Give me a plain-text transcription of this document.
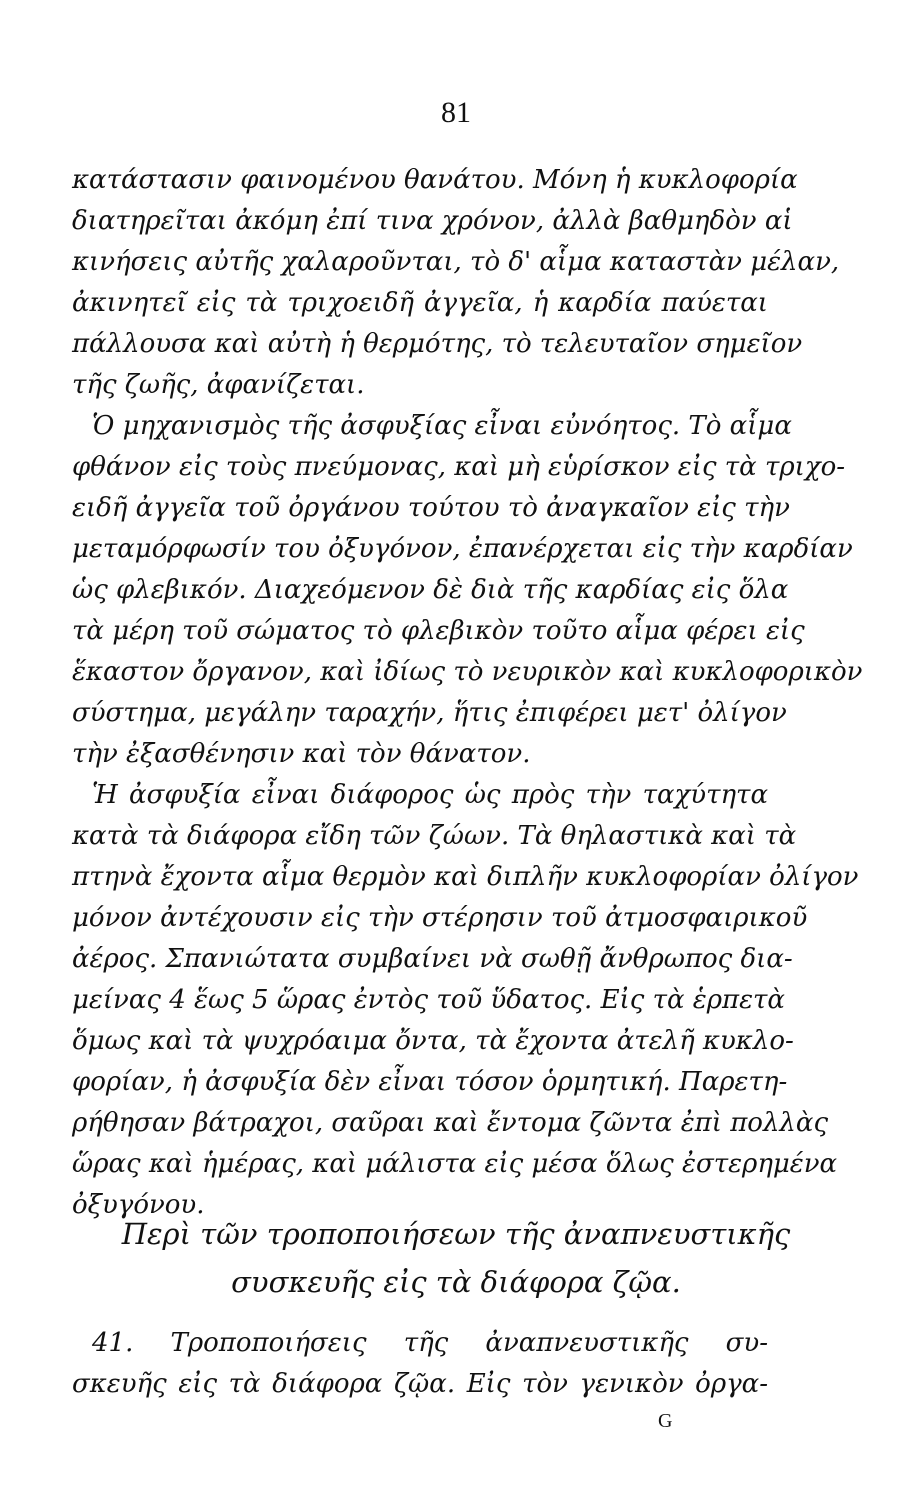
81
κατάστασιν φαινομένου θανάτου. Μόνη ἡ κυκλοφορία
διατηρεῖται ἀκόμη ἐπί τινα χρόνον, ἀλλὰ βαθμηδὸν αἱ
κινήσεις αὐτῆς χαλαροῦνται, τὸ δ' αἷμα καταστὰν μέλαν,
ἀκινητεῖ εἰς τὰ τριχοειδῆ ἀγγεῖα, ἡ καρδία παύεται
πάλλουσα καὶ αὐτὴ ἡ θερμότης, τὸ τελευταῖον σημεῖον
τῆς ζωῆς, ἀφανίζεται.
Ὁ μηχανισμὸς τῆς ἀσφυξίας εἶναι εὐνόητος. Τὸ αἷμα
φθάνον εἰς τοὺς πνεύμονας, καὶ μὴ εὑρίσκον εἰς τὰ τριχο-
ειδῆ ἀγγεῖα τοῦ ὀργάνου τούτου τὸ ἀναγκαῖον εἰς τὴν
μεταμόρφωσίν του ὀξυγόνον, ἐπανέρχεται εἰς τὴν καρδίαν
ὡς φλεβικόν. Διαχεόμενον δὲ διὰ τῆς καρδίας εἰς ὅλα
τὰ μέρη τοῦ σώματος τὸ φλεβικὸν τοῦτο αἷμα φέρει εἰς
ἕκαστον ὄργανον, καὶ ἰδίως τὸ νευρικὸν καὶ κυκλοφορικὸν
σύστημα, μεγάλην ταραχήν, ἥτις ἐπιφέρει μετ' ὀλίγον
τὴν ἐξασθένησιν καὶ τὸν θάνατον.
Ἡ ἀσφυξία εἶναι διάφορος ὡς πρὸς τὴν ταχύτητα
κατὰ τὰ διάφορα εἴδη τῶν ζώων. Τὰ θηλαστικὰ καὶ τὰ
πτηνὰ ἔχοντα αἷμα θερμὸν καὶ διπλῆν κυκλοφορίαν ὀλίγον
μόνον ἀντέχουσιν εἰς τὴν στέρησιν τοῦ ἀτμοσφαιρικοῦ
ἀέρος. Σπανιώτατα συμβαίνει νὰ σωθῇ ἄνθρωπος δια-
μείνας 4 ἕως 5 ὥρας ἐντὸς τοῦ ὕδατος. Εἰς τὰ ἑρπετὰ
ὅμως καὶ τὰ ψυχρόαιμα ὄντα, τὰ ἔχοντα ἀτελῆ κυκλο-
φορίαν, ἡ ἀσφυξία δὲν εἶναι τόσον ὁρμητική. Παρετη-
ρήθησαν βάτραχοι, σαῦραι καὶ ἔντομα ζῶντα ἐπὶ πολλὰς
ὥρας καὶ ἡμέρας, καὶ μάλιστα εἰς μέσα ὅλως ἐστερημένα
ὀξυγόνου.
Περὶ τῶν τροποποιήσεων τῆς ἀναπνευστικῆς
συσκευῆς εἰς τὰ διάφορα ζῷα.
41. Τροποποιήσεις τῆς ἀναπνευστικῆς συ-
σκευῆς εἰς τὰ διάφορα ζῷα. Εἰς τὸν γενικὸν ὀργα-
G
